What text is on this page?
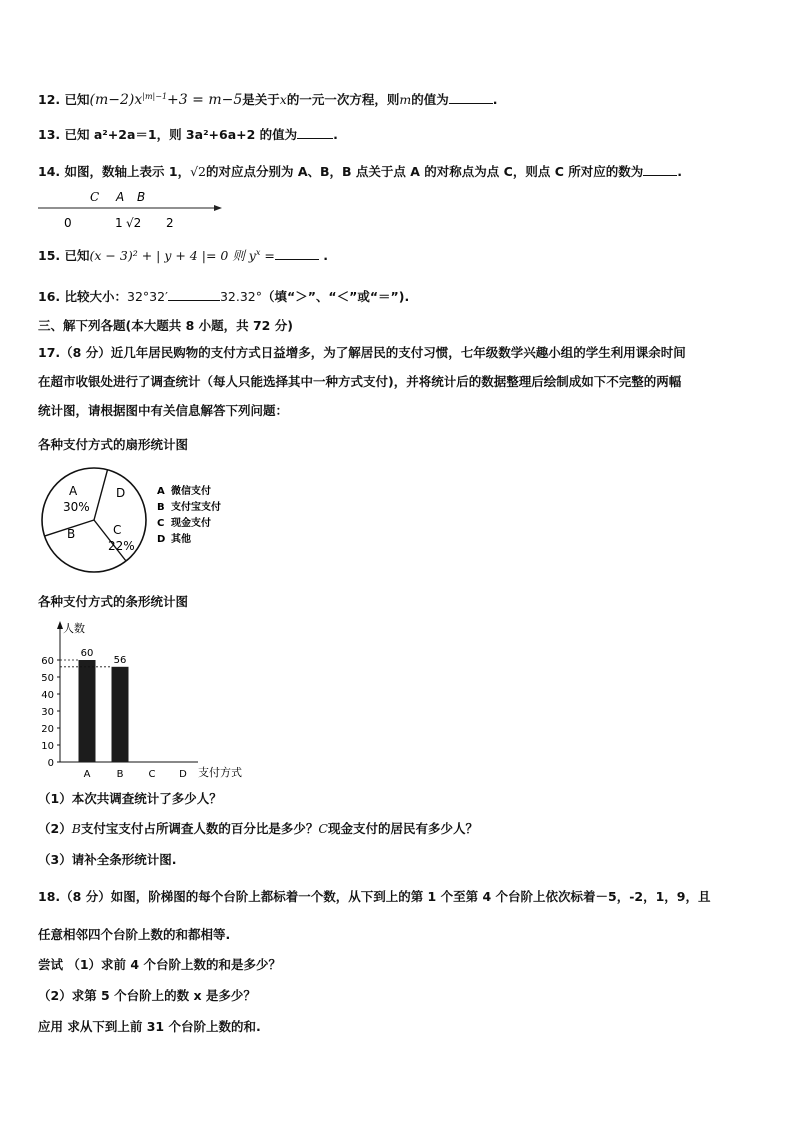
12. 已知$(m-2)x^{|m|-1}+3 = m-5$是关于x的一元一次方程，则m的值为	.
13. 已知 a²+2a＝1，则 3a²+6a+2 的值为	.
14. 如图，数轴上表示 1，√2的对应点分别为 A、B，B 点关于点 A 的对称点为点 C，则点 C 所对应的数为	.
C A B
0	1 √2 2
15. 已知(x − 3)² + | y + 4 |= 0 则 $y^x$ =	.
16. 比较大小：32°32′	32.32°（填“＞”、“＜”或“＝”).
三、解下列各题(本大题共 8 小题，共 72 分)
17.（8 分）近几年居民购物的支付方式日益增多，为了解居民的支付习惯，七年级数学兴趣小组的学生利用课余时间
在超市收银处进行了调查统计（每人只能选择其中一种方式支付)，并将统计后的数据整理后绘制成如下不完整的两幅
统计图，请根据图中有关信息解答下列问题：
各种支付方式的扇形统计图
A
30%
D
B	C
22%
A 微信支付
B 支付宝支付
C 现金支付
D 其他
各种支付方式的条形统计图
0
10
20
30
40
50
60
A
60
B
56
C D
人数
支付方式
（1）本次共调查统计了多少人？
（2）B支付宝支付占所调查人数的百分比是多少？C现金支付的居民有多少人？
（3）请补全条形统计图.
18.（8 分）如图，阶梯图的每个台阶上都标着一个数，从下到上的第 1 个至第 4 个台阶上依次标着－5，-2，1，9，且
任意相邻四个台阶上数的和都相等.
尝试 （1）求前 4 个台阶上数的和是多少？
（2）求第 5 个台阶上的数 x 是多少？
应用 求从下到上前 31 个台阶上数的和.
